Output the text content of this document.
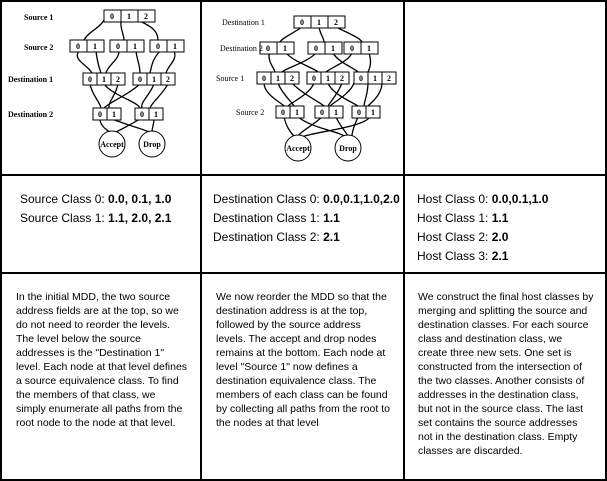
Source 1
Source 2
Destination 1
Destination 2
0 1 2
0 1 0 1 0 1
0 1 2 0 1 2
0 1	0 1
Accept Drop
Destination 1
Destination 2
Source 1
Source 2
0 1 2
0 1	0 1 0 1
0 1 2 0 1 2 0 1 2
0 1	0 1 0 1
Accept	Drop
Source Class 0: 0.0, 0.1, 1.0
Source Class 1: 1.1, 2.0, 2.1
Destination Class 0: 0.0,0.1,1.0,2.0
Destination Class 1: 1.1
Destination Class 2: 2.1
Host Class 0: 0.0,0.1,1.0
Host Class 1: 1.1
Host Class 2: 2.0
Host Class 3: 2.1
In the initial MDD, the two source address fields are at the top, so we do not need to reorder the levels. The level below the source addresses is the "Destination 1" level. Each node at that level defines a source equivalence class. To find the members of that class, we simply enumerate all paths from the root node to the node at that level.
We now reorder the MDD so that the destination address is at the top, followed by the source address levels. The accept and drop nodes remains at the bottom. Each node at level "Source 1" now defines a destination equivalence class. The members of each class can be found by collecting all paths from the root to the nodes at that level
We construct the final host classes by merging and splitting the source and destination classes. For each source class and destination class, we create three new sets. One set is constructed from the intersection of the two classes. Another consists of addresses in the destination class, but not in the source class. The last set contains the source addresses not in the destination class. Empty classes are discarded.
